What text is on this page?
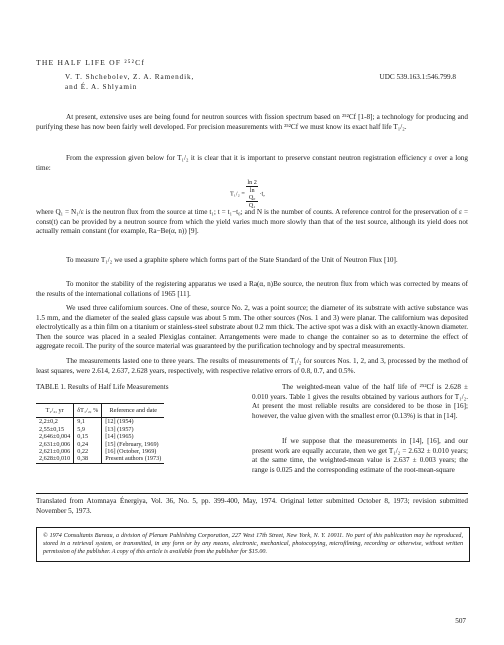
THE HALF LIFE OF ²⁵²Cf
V. T. Shchebolev, Z. A. Ramendik,
and É. A. Shlyamin
UDC 539.163.1:546.799.8

At present, extensive uses are being found for neutron sources with fission spectrum based on ²⁵²Cf [1-8]; a technology for producing and purifying these has now been fairly well developed. For precision measurements with ²⁵²Cf we must know its exact half life T₁/₂.

From the expression given below for T₁/₂ it is clear that it is important to preserve constant neutron registration efficiency ε over a long time:

T₁/₂ = ln 2
ln
Q₀
Q₁ ·t,

where Q₁ = N₁/ε is the neutron flux from the source at time t₁; t = t₁−t₀; and N is the number of counts. A reference control for the preservation of ε = const(t) can be provided by a neutron source from which the yield varies much more slowly than that of the test source, although its yield does not actually remain constant (for example, Ra−Be(α, n)) [9].

To measure T₁/₂ we used a graphite sphere which forms part of the State Standard of the Unit of Neutron Flux [10].

To monitor the stability of the registering apparatus we used a Ra(α, n)Be source, the neutron flux from which was corrected by means of the results of the international collations of 1965 [11].

We used three californium sources. One of these, source No. 2, was a point source; the diameter of its substrate with active substance was 1.5 mm, and the diameter of the sealed glass capsule was about 5 mm. The other sources (Nos. 1 and 3) were planar. The californium was deposited electrolytically as a thin film on a titanium or stainless-steel substrate about 0.2 mm thick. The active spot was a disk with an exactly-known diameter. Then the source was placed in a sealed Plexiglas container. Arrangements were made to change the container so as to determine the effect of aggregate recoil. The purity of the source material was guaranteed by the purification technology and by spectral measurements.

The measurements lasted one to three years. The results of measurements of T₁/₂ for sources Nos. 1, 2, and 3, processed by the method of least squares, were 2.614, 2.637, 2.628 years, respectively, with respective relative errors of 0.8, 0.7, and 0.5%.

TABLE 1. Results of Half Life Measurements
T₁/₂, yr	δT₁/₂, %	Reference and date
2,2±0,2	9,1	[12] (1954)
2,55±0,15	5,9	[13] (1957)
2,646±0,004	0,15	[14] (1965)
2,631±0,006	0,24	[15] (February, 1969)
2,621±0,006	0,22	[16] (October, 1969)
2,628±0,010	0,38	Present authors (1973)

The weighted-mean value of the half life of ²⁵²Cf is 2.628 ± 0.010 years. Table 1 gives the results obtained by various authors for T₁/₂. At present the most reliable results are considered to be those in [16]; however, the value given with the smallest error (0.13%) is that in [14].

If we suppose that the measurements in [14], [16], and our present work are equally accurate, then we get T₁/₂ = 2.632 ± 0.010 years; at the same time, the weighted-mean value is 2.637 ± 0.003 years; the range is 0.025 and the corresponding estimate of the root-mean-square

Translated from Atomnaya Énergiya, Vol. 36, No. 5, pp. 399-400, May, 1974. Original letter submitted October 8, 1973; revision submitted November 5, 1973.

© 1974 Consultants Bureau, a division of Plenum Publishing Corporation, 227 West 17th Street, New York, N. Y. 10011. No part of this publication may be reproduced, stored in a retrieval system, or transmitted, in any form or by any means, electronic, mechanical, photocopying, microfilming, recording or otherwise, without written permission of the publisher. A copy of this article is available from the publisher for $15.00.

507
